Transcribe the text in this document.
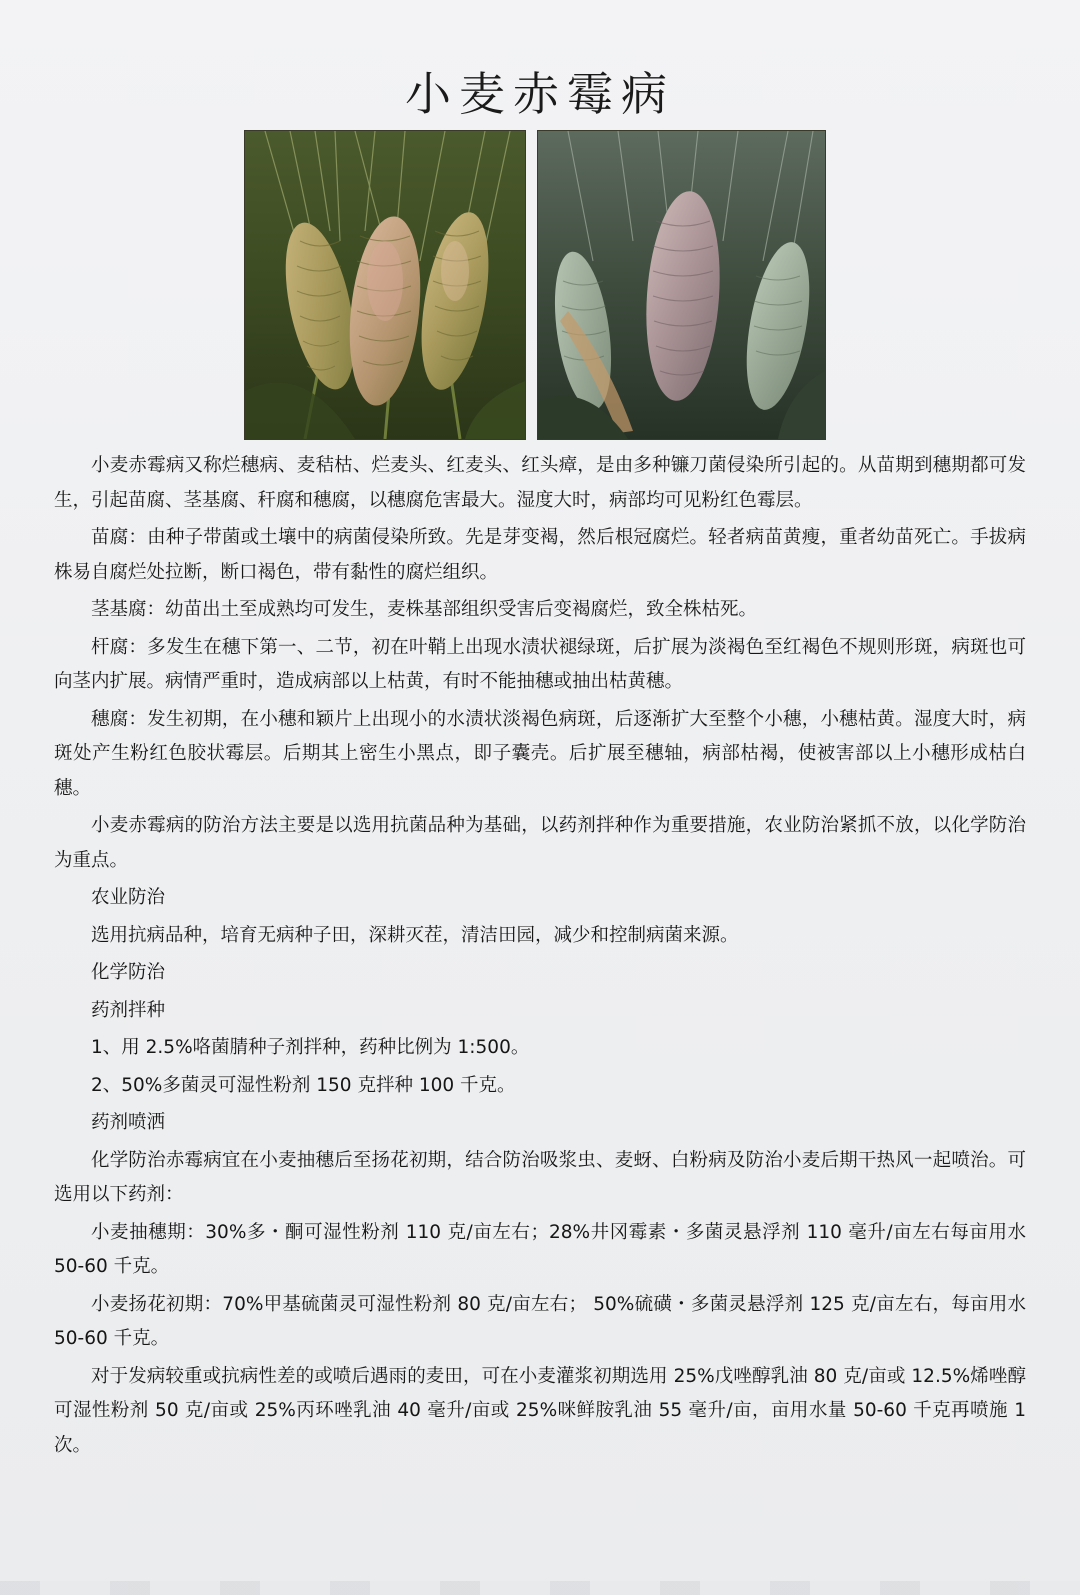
小麦赤霉病

小麦赤霉病又称烂穗病、麦秸枯、烂麦头、红麦头、红头瘴，是由多种镰刀菌侵染所引起的。从苗期到穗期都可发生，引起苗腐、茎基腐、秆腐和穗腐，以穗腐危害最大。湿度大时，病部均可见粉红色霉层。

苗腐：由种子带菌或土壤中的病菌侵染所致。先是芽变褐，然后根冠腐烂。轻者病苗黄瘦，重者幼苗死亡。手拔病株易自腐烂处拉断，断口褐色，带有黏性的腐烂组织。

茎基腐：幼苗出土至成熟均可发生，麦株基部组织受害后变褐腐烂，致全株枯死。

杆腐：多发生在穗下第一、二节，初在叶鞘上出现水渍状褪绿斑，后扩展为淡褐色至红褐色不规则形斑，病斑也可向茎内扩展。病情严重时，造成病部以上枯黄，有时不能抽穗或抽出枯黄穗。

穗腐：发生初期，在小穗和颖片上出现小的水渍状淡褐色病斑，后逐渐扩大至整个小穗，小穗枯黄。湿度大时，病斑处产生粉红色胶状霉层。后期其上密生小黑点，即子囊壳。后扩展至穗轴，病部枯褐，使被害部以上小穗形成枯白穗。

小麦赤霉病的防治方法主要是以选用抗菌品种为基础，以药剂拌种作为重要措施，农业防治紧抓不放，以化学防治为重点。

农业防治

选用抗病品种，培育无病种子田，深耕灭茬，清洁田园，减少和控制病菌来源。

化学防治

药剂拌种

1、用 2.5%咯菌腈种子剂拌种，药种比例为 1:500。

2、50%多菌灵可湿性粉剂 150 克拌种 100 千克。

药剂喷洒

化学防治赤霉病宜在小麦抽穗后至扬花初期，结合防治吸浆虫、麦蚜、白粉病及防治小麦后期干热风一起喷治。可选用以下药剂：

小麦抽穗期：30%多・酮可湿性粉剂 110 克/亩左右；28%井冈霉素・多菌灵悬浮剂 110 毫升/亩左右每亩用水 50-60 千克。

小麦扬花初期：70%甲基硫菌灵可湿性粉剂 80 克/亩左右； 50%硫磺・多菌灵悬浮剂 125 克/亩左右，每亩用水 50-60 千克。

对于发病较重或抗病性差的或喷后遇雨的麦田，可在小麦灌浆初期选用 25%戊唑醇乳油 80 克/亩或 12.5%烯唑醇可湿性粉剂 50 克/亩或 25%丙环唑乳油 40 毫升/亩或 25%咪鲜胺乳油 55 毫升/亩，亩用水量 50-60 千克再喷施 1 次。
